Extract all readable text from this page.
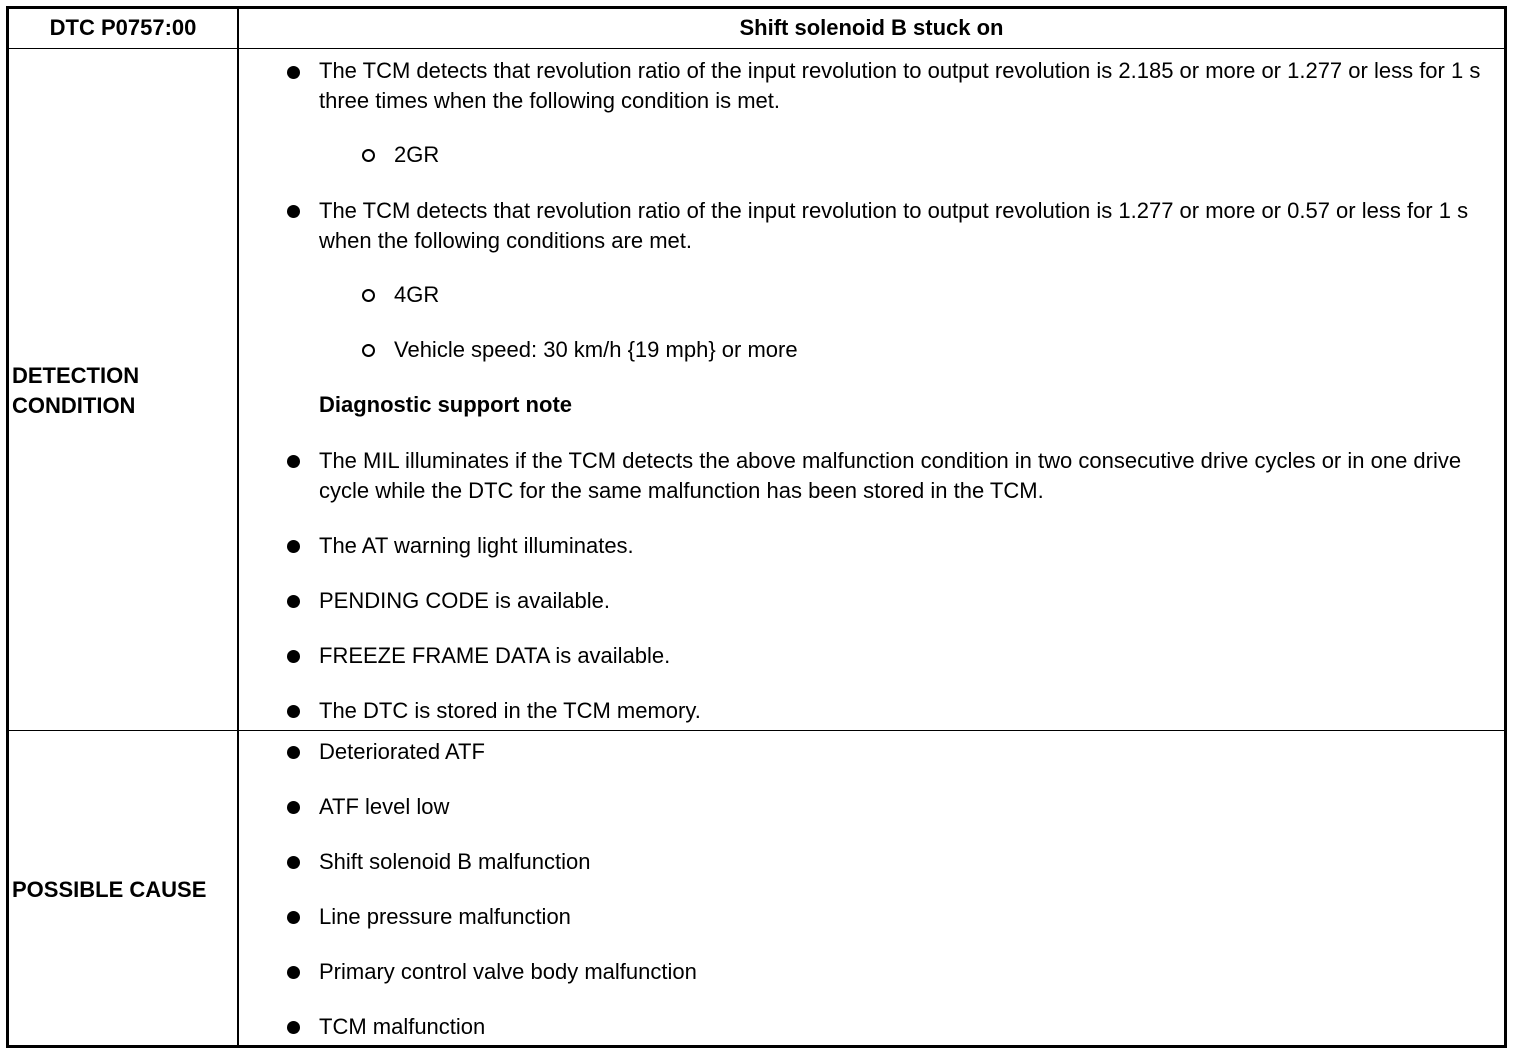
DTC P0757:00	Shift solenoid B stuck on
DETECTION
CONDITION
The TCM detects that revolution ratio of the input revolution to output revolution is 2.185 or more or 1.277 or less for 1 s three times when the following condition is met.
2GR
The TCM detects that revolution ratio of the input revolution to output revolution is 1.277 or more or 0.57 or less for 1 s when the following conditions are met.
4GR
Vehicle speed: 30 km/h {19 mph} or more
Diagnostic support note
The MIL illuminates if the TCM detects the above malfunction condition in two consecutive drive cycles or in one drive cycle while the DTC for the same malfunction has been stored in the TCM.
The AT warning light illuminates.
PENDING CODE is available.
FREEZE FRAME DATA is available.
The DTC is stored in the TCM memory.
POSSIBLE CAUSE
Deteriorated ATF
ATF level low
Shift solenoid B malfunction
Line pressure malfunction
Primary control valve body malfunction
TCM malfunction
